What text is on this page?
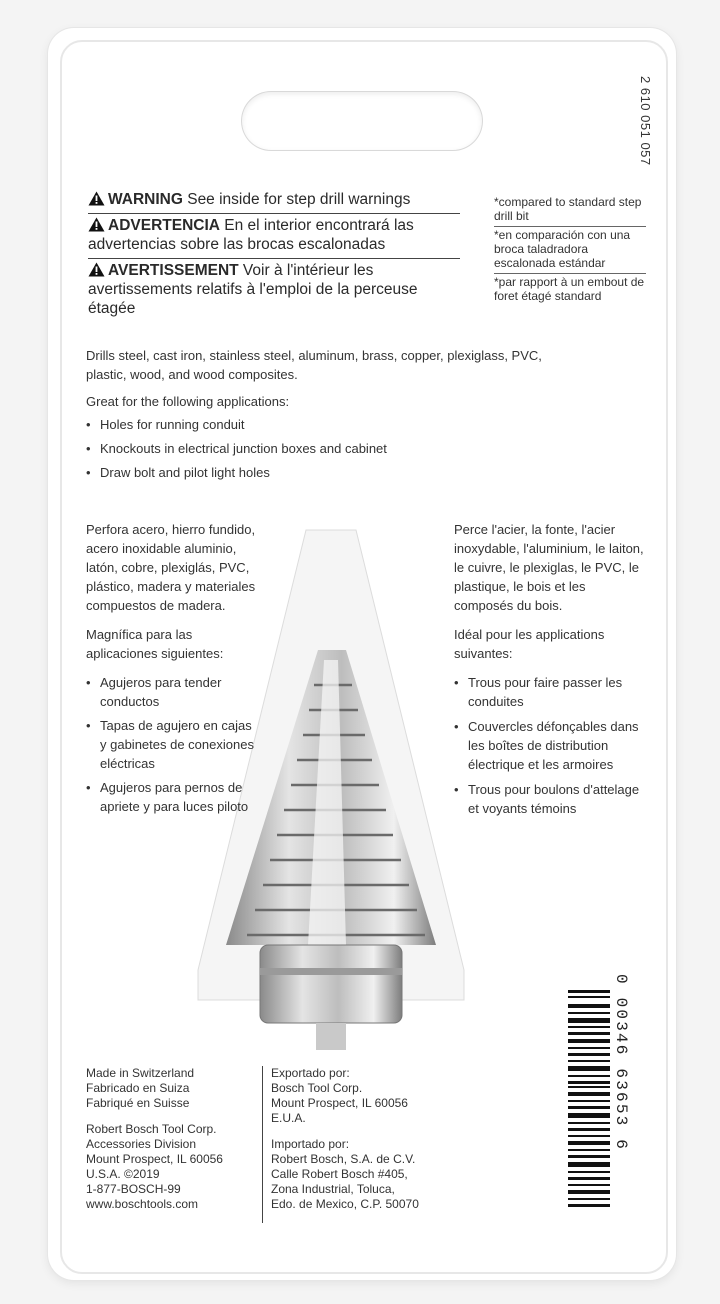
2 610 051 057
WARNING See inside for step drill warnings
ADVERTENCIA En el interior encontrará las advertencias sobre las brocas escalonadas
AVERTISSEMENT Voir à l'intérieur les avertissements relatifs à l'emploi de la perceuse étagée
*compared to standard step drill bit
*en comparación con una broca taladradora escalonada estándar
*par rapport à un embout de foret étagé standard

Drills steel, cast iron, stainless steel, aluminum, brass, copper, plexiglass, PVC, plastic, wood, and wood composites.

Great for the following applications:

• Holes for running conduit
• Knockouts in electrical junction boxes and cabinet
• Draw bolt and pilot light holes

Perfora acero, hierro fundido, acero inoxidable aluminio, latón, cobre, plexiglás, PVC, plástico, madera y materiales compuestos de madera.

Magnífica para las aplicaciones siguientes:

• Agujeros para tender conductos
• Tapas de agujero en cajas y gabinetes de conexiones eléctricas
• Agujeros para pernos de apriete y para luces piloto

Perce l'acier, la fonte, l'acier inoxydable, l'aluminium, le laiton, le cuivre, le plexiglas, le PVC, le plastique, le bois et les composés du bois.

Idéal pour les applications suivantes:

• Trous pour faire passer les conduites
• Couvercles défonçables dans les boîtes de distribution électrique et les armoires
• Trous pour boulons d'attelage et voyants témoins

Made in Switzerland
Fabricado en Suiza
Fabriqué en Suisse

Robert Bosch Tool Corp.
Accessories Division
Mount Prospect, IL 60056
U.S.A. ©2019
1-877-BOSCH-99
www.boschtools.com

Exportado por:
Bosch Tool Corp.
Mount Prospect, IL 60056
E.U.A.

Importado por:
Robert Bosch, S.A. de C.V.
Calle Robert Bosch #405,
Zona Industrial, Toluca,
Edo. de Mexico, C.P. 50070

0 00346 63653 6
